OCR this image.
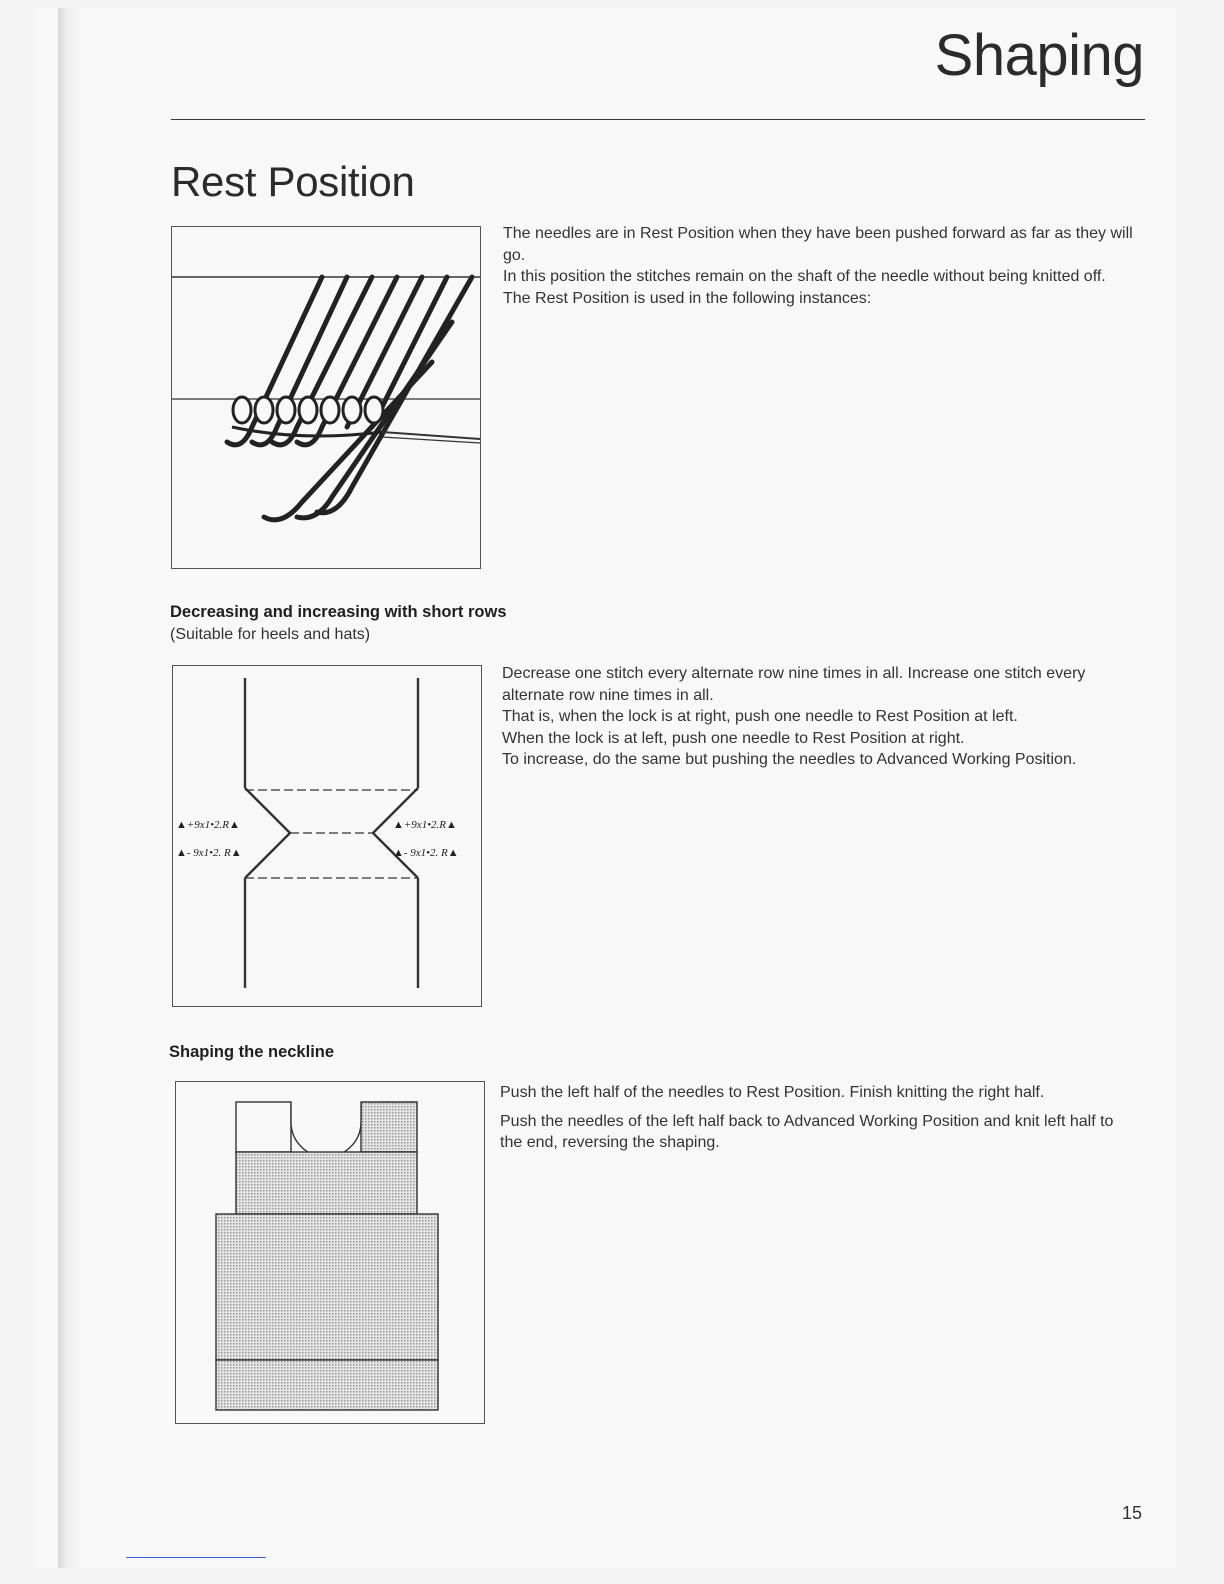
Shaping
Rest Position

The needles are in Rest Position when they have been pushed forward as far as they will go.

In this position the stitches remain on the shaft of the needle without being knitted off.

The Rest Position is used in the following instances:

Decreasing and increasing with short rows

(Suitable for heels and hats)

▲+9x1•2.R▲
▲- 9x1•2. R▲
▲+9x1•2.R▲
▲- 9x1•2. R▲

Decrease one stitch every alternate row nine times in all. Increase one stitch every alternate row nine times in all.

That is, when the lock is at right, push one needle to Rest Position at left.

When the lock is at left, push one needle to Rest Position at right.

To increase, do the same but pushing the needles to Advanced Working Position.

Shaping the neckline

Push the left half of the needles to Rest Position. Finish knitting the right half.

Push the needles of the left half back to Advanced Working Position and knit left half to the end, reversing the shaping.

15
